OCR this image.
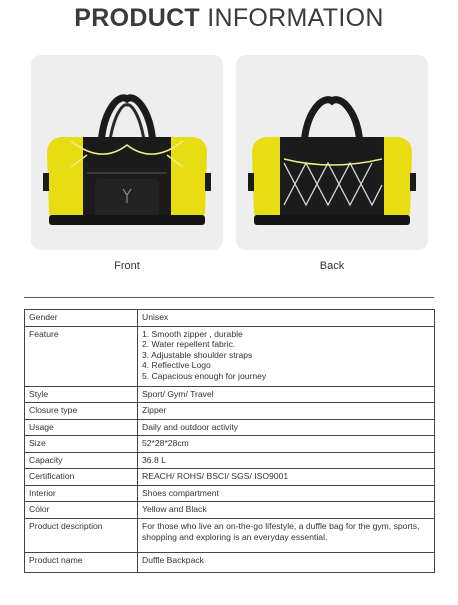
PRODUCT INFORMATION
Front	Back
Gender	Unisex
Feature	1. Smooth zipper , durable
2. Water repellent fabric.
3. Adjustable shoulder straps
4. Reflective Logo
5. Capacious enough for journey

Style	Sport/ Gym/ Travel
Closure type	Zipper
Usage	Daily and outdoor activity
Size	52*28*28cm
Capacity	36.8 L
Certification	REACH/ ROHS/ BSCI/ SGS/ ISO9001
Interior	Shoes compartment
Color	Yellow and Black
Product description	For those who live an on-the-go lifestyle, a duffle bag for the gym, sports, shopping and exploring is an everyday essential.
Product name	Duffle Backpack
